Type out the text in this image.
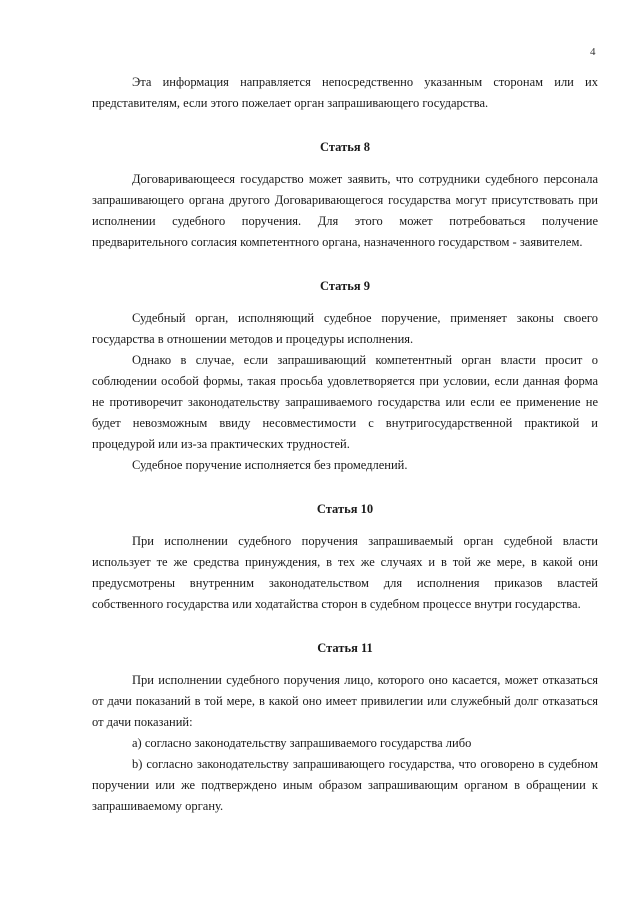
4

Эта информация направляется непосредственно указанным сторонам или их представителям, если этого пожелает орган запрашивающего государства.

Статья 8

Договаривающееся государство может заявить, что сотрудники судебного персонала запрашивающего органа другого Договаривающегося государства могут присутствовать при исполнении судебного поручения. Для этого может потребоваться получение предварительного согласия компетентного органа, назначенного государством - заявителем.

Статья 9

Судебный орган, исполняющий судебное поручение, применяет законы своего государства в отношении методов и процедуры исполнения.

Однако в случае, если запрашивающий компетентный орган власти просит о соблюдении особой формы, такая просьба удовлетворяется при условии, если данная форма не противоречит законодательству запрашиваемого государства или если ее применение не будет невозможным ввиду несовместимости с внутригосударственной практикой и процедурой или из-за практических трудностей.

Судебное поручение исполняется без промедлений.

Статья 10

При исполнении судебного поручения запрашиваемый орган судебной власти использует те же средства принуждения, в тех же случаях и в той же мере, в какой они предусмотрены внутренним законодательством для исполнения приказов властей собственного государства или ходатайства сторон в судебном процессе внутри государства.

Статья 11

При исполнении судебного поручения лицо, которого оно касается, может отказаться от дачи показаний в той мере, в какой оно имеет привилегии или служебный долг отказаться от дачи показаний:

а) согласно законодательству запрашиваемого государства либо

b) согласно законодательству запрашивающего государства, что оговорено в судебном поручении или же подтверждено иным образом запрашивающим органом в обращении к запрашиваемому органу.
